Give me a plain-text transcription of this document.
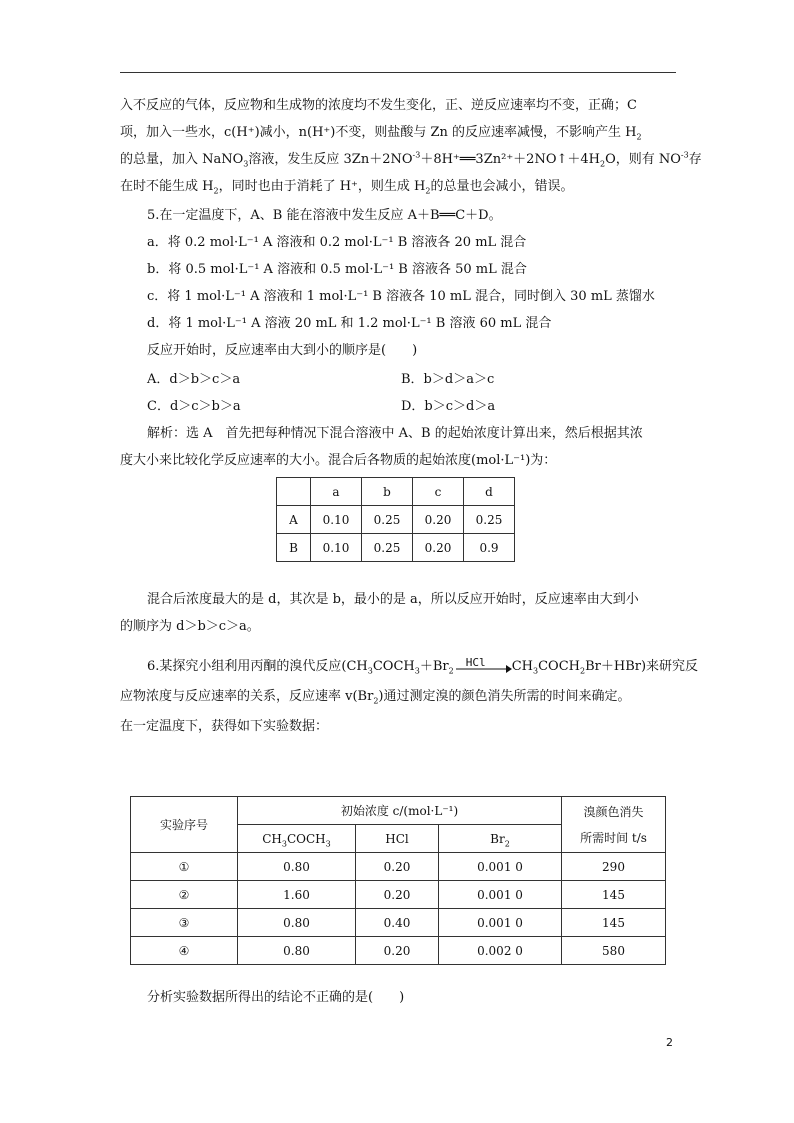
入不反应的气体，反应物和生成物的浓度均不发生变化，正、逆反应速率均不变，正确；C
项，加入一些水，c(H⁺)减小，n(H⁺)不变，则盐酸与 Zn 的反应速率减慢，不影响产生 $H_2$
的总量，加入 NaNO$_3$溶液，发生反应 $3Zn+2NO^{-3}+8H^+══3Zn^{2+}+2NO↑+4H_2O$，则有 $NO^{-3}$存
在时不能生成 $H_2$，同时也由于消耗了 H⁺，则生成 $H_2$的总量也会减小，错误。
5.在一定温度下，A、B 能在溶液中发生反应 A＋B══C＋D。
a．将 0.2 mol·L⁻¹ A 溶液和 0.2 mol·L⁻¹ B 溶液各 20 mL 混合
b．将 0.5 mol·L⁻¹ A 溶液和 0.5 mol·L⁻¹ B 溶液各 50 mL 混合
c．将 1 mol·L⁻¹ A 溶液和 1 mol·L⁻¹ B 溶液各 10 mL 混合，同时倒入 30 mL 蒸馏水
d．将 1 mol·L⁻¹ A 溶液 20 mL 和 1.2 mol·L⁻¹ B 溶液 60 mL 混合
反应开始时，反应速率由大到小的顺序是(　　)
A．d＞b＞c＞a	B．b＞d＞a＞c
C．d＞c＞b＞a	D．b＞c＞d＞a
解析：选 A　首先把每种情况下混合溶液中 A、B 的起始浓度计算出来，然后根据其浓
度大小来比较化学反应速率的大小。混合后各物质的起始浓度(mol·L⁻¹)为：
	a	b	c	d
A	0.10	0.25	0.20	0.25
B	0.10	0.25	0.20	0.9
混合后浓度最大的是 d，其次是 b，最小的是 a，所以反应开始时，反应速率由大到小
的顺序为 d＞b＞c＞a。
6.某探究小组利用丙酮的溴代反应($CH_3COCH_3+Br_2$
HCl $CH_3COCH_2Br+HBr$)来研究反
应物浓度与反应速率的关系，反应速率 $v(Br_2)$通过测定溴的颜色消失所需的时间来确定。
在一定温度下，获得如下实验数据：
实验序号	初始浓度 c/(mol·L⁻¹)			溴颜色消失
所需时间 t/s
	$CH_3COCH_3$	HCl	$Br_2$
①	0.80	0.20	0.001 0	290
②	1.60	0.20	0.001 0	145
③	0.80	0.40	0.001 0	145
④	0.80	0.20	0.002 0	580
分析实验数据所得出的结论不正确的是(　　)
2
